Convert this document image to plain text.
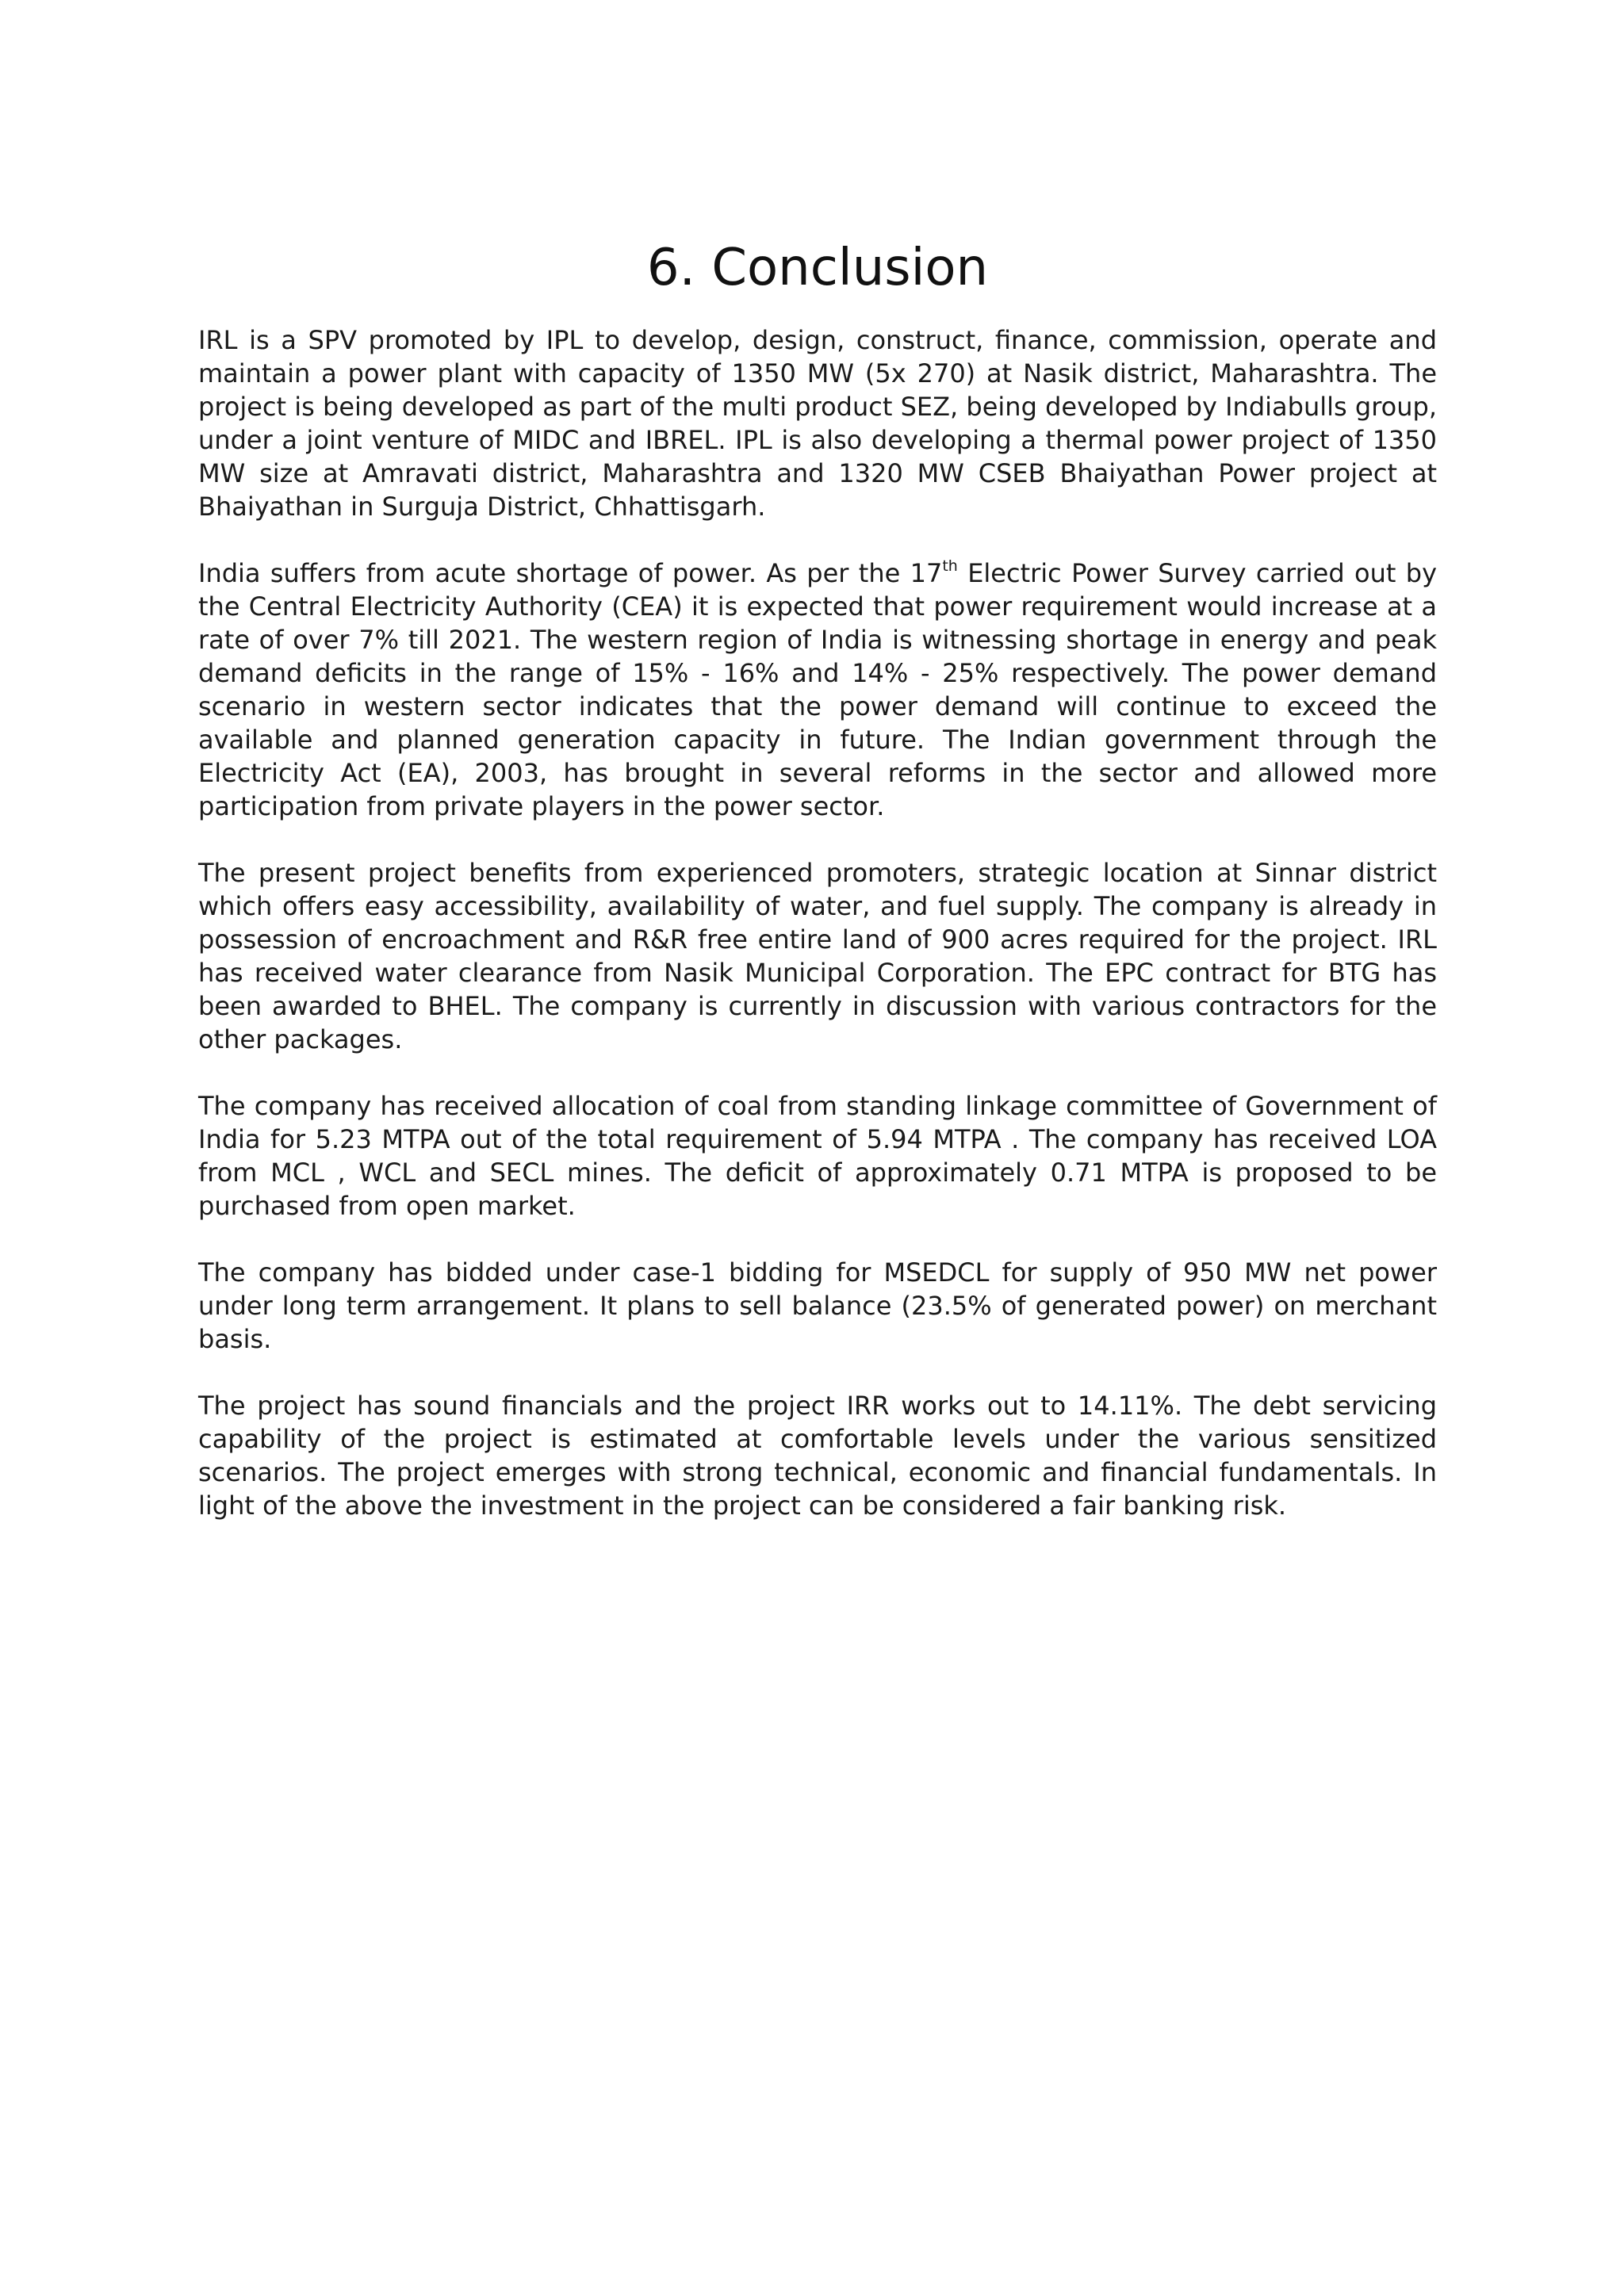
6. Conclusion

IRL is a SPV promoted by IPL to develop, design, construct, finance, commission, operate and maintain a power plant with capacity of 1350 MW (5x 270) at Nasik district, Maharashtra. The project is being developed as part of the multi product SEZ, being developed by Indiabulls group, under a joint venture of MIDC and IBREL. IPL is also developing a thermal power project of 1350 MW size at Amravati district, Maharashtra and 1320 MW CSEB Bhaiyathan Power project at Bhaiyathan in Surguja District, Chhattisgarh.

India suffers from acute shortage of power. As per the 17th Electric Power Survey carried out by the Central Electricity Authority (CEA) it is expected that power requirement would increase at a rate of over 7% till 2021. The western region of India is witnessing shortage in energy and peak demand deficits in the range of 15% - 16% and 14% - 25% respectively. The power demand scenario in western sector indicates that the power demand will continue to exceed the available and planned generation capacity in future. The Indian government through the Electricity Act (EA), 2003, has brought in several reforms in the sector and allowed more participation from private players in the power sector.

The present project benefits from experienced promoters, strategic location at Sinnar district which offers easy accessibility, availability of water, and fuel supply. The company is already in possession of encroachment and R&R free entire land of 900 acres required for the project. IRL has received water clearance from Nasik Municipal Corporation. The EPC contract for BTG has been awarded to BHEL. The company is currently in discussion with various contractors for the other packages.

The company has received allocation of coal from standing linkage committee of Government of India for 5.23 MTPA out of the total requirement of 5.94 MTPA . The company has received LOA from MCL , WCL and SECL mines. The deficit of approximately 0.71 MTPA is proposed to be purchased from open market.

The company has bidded under case-1 bidding for MSEDCL for supply of 950 MW net power under long term arrangement. It plans to sell balance (23.5% of generated power) on merchant basis.

The project has sound financials and the project IRR works out to 14.11%. The debt servicing capability of the project is estimated at comfortable levels under the various sensitized scenarios. The project emerges with strong technical, economic and financial fundamentals. In light of the above the investment in the project can be considered a fair banking risk.
